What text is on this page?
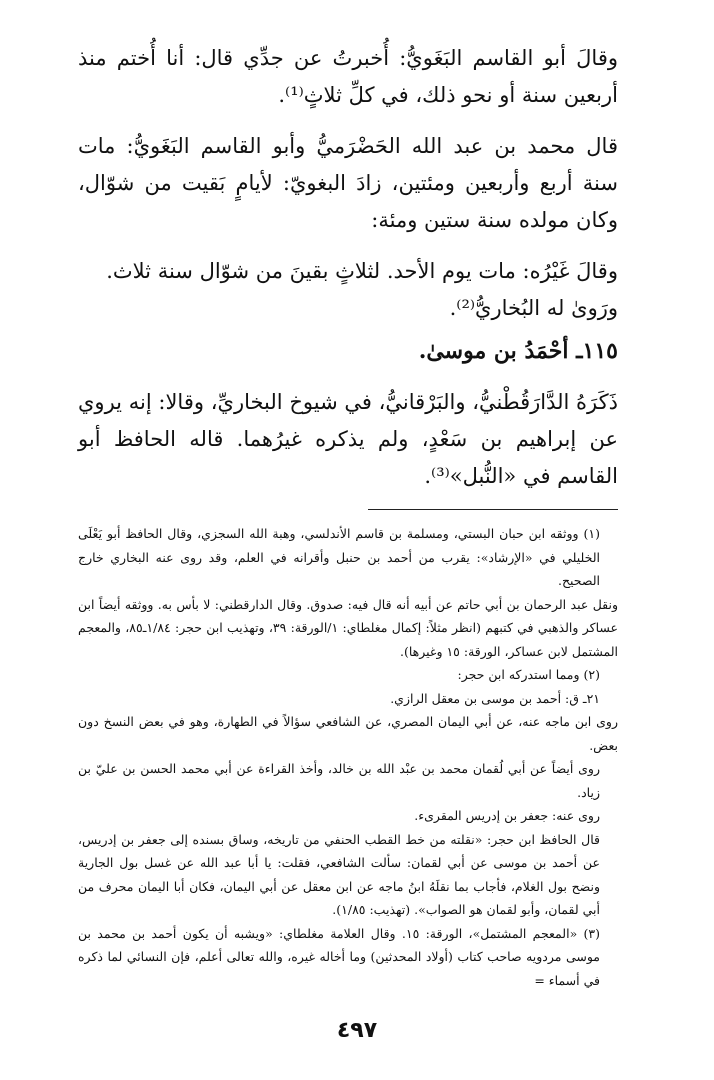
وقالَ أبو القاسم البَغَويُّ: أُخبرتُ عن جدِّي قال: أنا أُختم منذ أربعين سنة أو نحو ذلك، في كلِّ ثلاثٍ⁽¹⁾.

قال محمد بن عبد الله الحَضْرَميُّ وأبو القاسم البَغَويُّ: مات سنة أربع وأربعين ومئتين، زادَ البغويّ: لأيامٍ بَقيت من شوّال، وكان مولده سنة ستين ومئة:

وقالَ غَيْرُه: مات يوم الأحد. لثلاثٍ بقينَ من شوّال سنة ثلاث.

ورَوىٰ له البُخاريُّ⁽²⁾.

١١٥ـ أحْمَدُ بن موسىٰ.

ذَكَرَهُ الدَّارَقُطْنيُّ، والبَرْقانيُّ، في شيوخ البخاريِّ، وقالا: إنه يروي عن إبراهيم بن سَعْدٍ، ولم يذكره غيرُهما. قاله الحافظ أبو القاسم في «النُّبل»⁽³⁾.

(١) ووثقه ابن حبان البستي، ومسلمة بن قاسم الأندلسي، وهبة الله السجزي، وقال الحافظ أبو يَعْلَى الخليلي في «الإرشاد»: يقرب من أحمد بن حنبل وأقرانه في العلم، وقد روى عنه البخاري خارج الصحيح.

ونقل عبد الرحمان بن أبي حاتم عن أبيه أنه قال فيه: صدوق. وقال الدارقطني: لا بأس به. ووثقه أيضاً ابن عساكر والذهبي في كتبهم (انظر مثلاً: إكمال مغلطاي: ١/الورقة: ٣٩، وتهذيب ابن حجر: ١/٨٤ـ٨٥، والمعجم المشتمل لابن عساكر، الورقة: ١٥ وغيرها).

(٢) ومما استدركه ابن حجر:

٢١ـ ق: أحمد بن موسى بن معقل الرازي.

روى ابن ماجه عنه، عن أبي اليمان المصري، عن الشافعي سؤالاً في الطهارة، وهو في بعض النسخ دون بعض.

روى أيضاً عن أبي لُقمان محمد بن عبْد الله بن خالد، وأخذ القراءة عن أبي محمد الحسن بن عليّ بن زياد.

روى عنه: جعفر بن إدريس المقرىء.

قال الحافظ ابن حجر: «نقلته من خط القطب الحنفي من تاريخه، وساق بسنده إلى جعفر بن إدريس، عن أحمد بن موسى عن أبي لقمان: سألت الشافعي، فقلت: يا أبا عبد الله عن غسل بول الجارية ونضح بول الغلام، فأجاب بما نقلَهُ ابنُ ماجه عن ابن معقل عن أبي اليمان، فكان أبا اليمان محرف من أبي لقمان، وأبو لقمان هو الصواب». (تهذيب: ١/٨٥).

(٣) «المعجم المشتمل»، الورقة: ١٥. وقال العلامة مغلطاي: «ويشبه أن يكون أحمد بن محمد بن موسى مردويه صاحب كتاب (أولاد المحدثين) وما أخاله غيره، والله تعالى أعلم، فإن النسائي لما ذكره في أسماء =

٤٩٧
